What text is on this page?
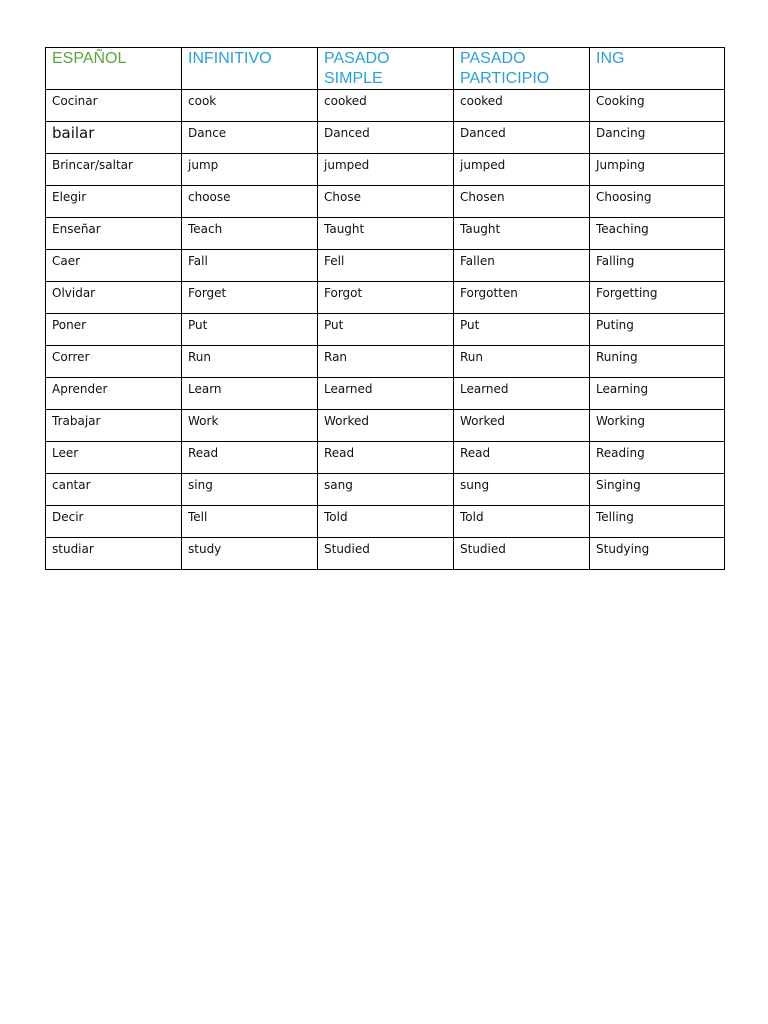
ESPAÑOL	INFINITIVO	PASADO SIMPLE	PASADO PARTICIPIO	ING
Cocinar	cook	cooked	cooked	Cooking
bailar	Dance	Danced	Danced	Dancing
Brincar/saltar	jump	jumped	jumped	Jumping
Elegir	choose	Chose	Chosen	Choosing
Enseñar	Teach	Taught	Taught	Teaching
Caer	Fall	Fell	Fallen	Falling
Olvidar	Forget	Forgot	Forgotten	Forgetting
Poner	Put	Put	Put	Puting
Correr	Run	Ran	Run	Runing
Aprender	Learn	Learned	Learned	Learning
Trabajar	Work	Worked	Worked	Working
Leer	Read	Read	Read	Reading
cantar	sing	sang	sung	Singing
Decir	Tell	Told	Told	Telling
studiar	study	Studied	Studied	Studying
